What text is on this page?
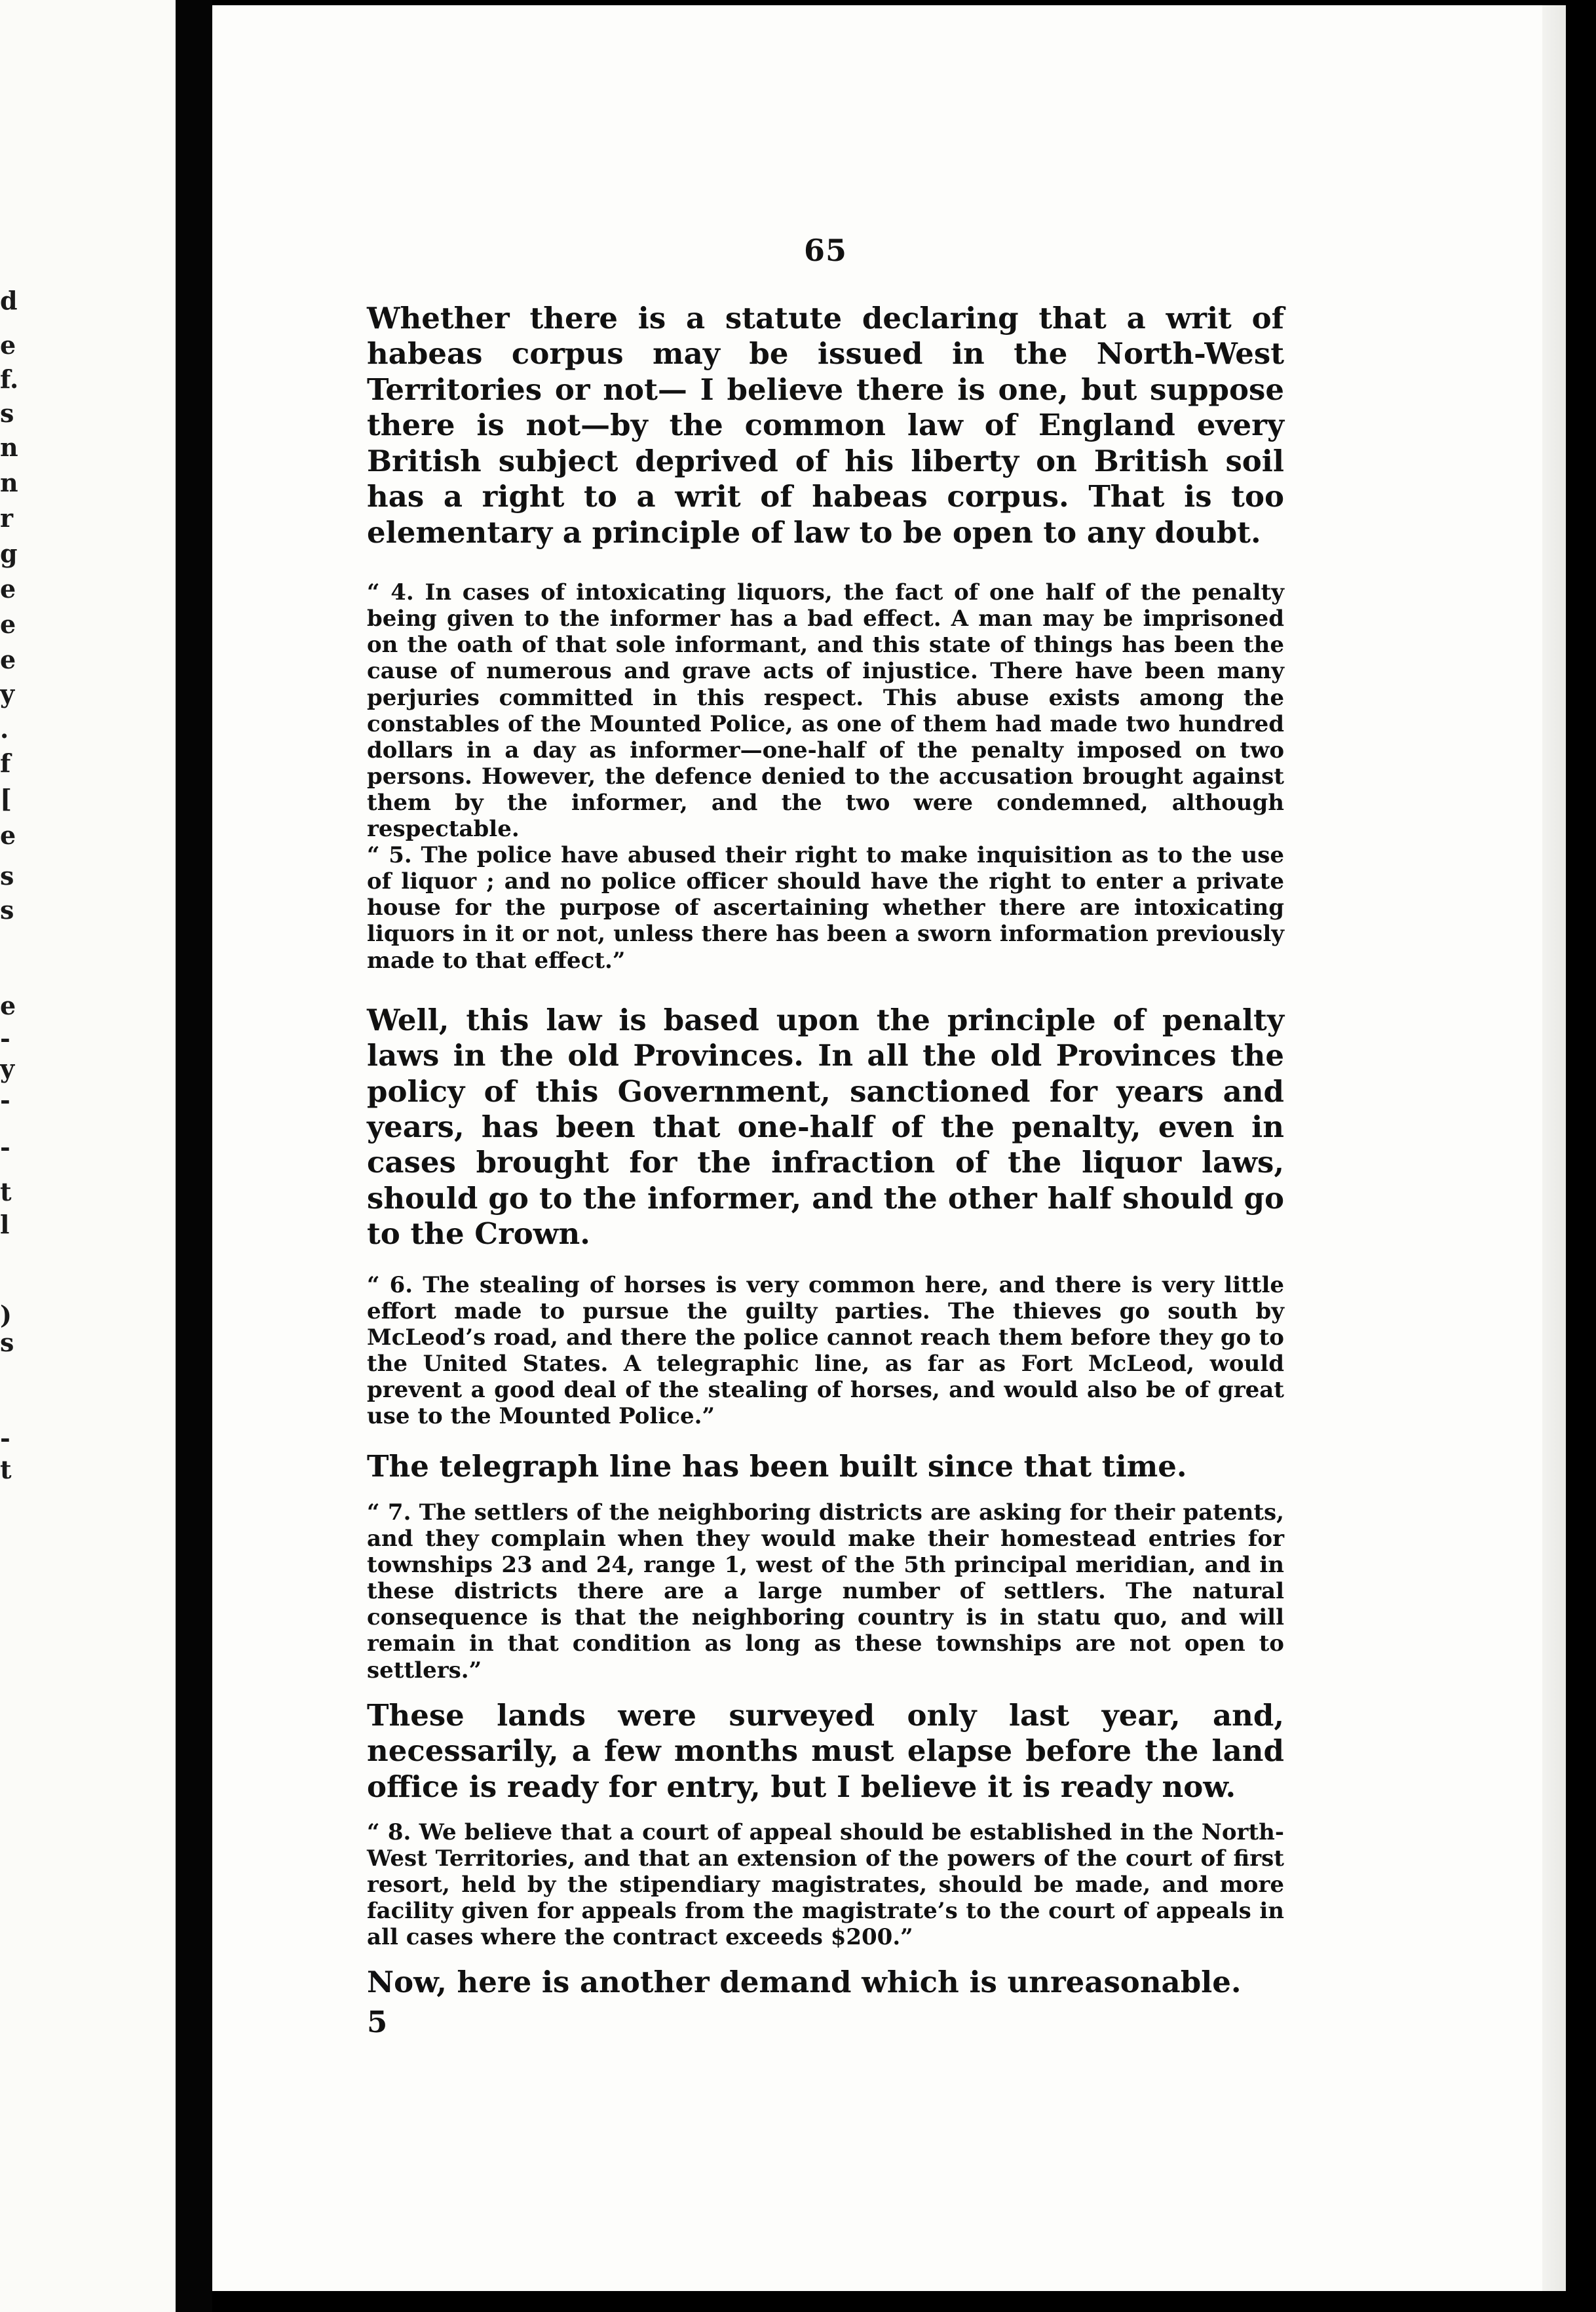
d
e
f.
s
n
n
r
g
e
e
e
y
.
f
[
e
s
s
e
-
y
-
-
t
l
)
s
-
t
65

Whether there is a statute declaring that a writ of habeas corpus may be issued in the North-West Territories or not— I believe there is one, but suppose there is not—by the common law of England every British subject deprived of his liberty on British soil has a right to a writ of habeas corpus. That is too elementary a principle of law to be open to any doubt.

“ 4. In cases of intoxicating liquors, the fact of one half of the penalty being given to the informer has a bad effect. A man may be imprisoned on the oath of that sole informant, and this state of things has been the cause of numerous and grave acts of injustice. There have been many perjuries committed in this respect. This abuse exists among the constables of the Mounted Police, as one of them had made two hundred dollars in a day as informer—one-half of the penalty imposed on two persons. However, the defence denied to the accusation brought against them by the informer, and the two were condemned, although respectable.

“ 5. The police have abused their right to make inquisition as to the use of liquor ; and no police officer should have the right to enter a private house for the purpose of ascertaining whether there are intoxicating liquors in it or not, unless there has been a sworn information previously made to that effect.”

Well, this law is based upon the principle of penalty laws in the old Provinces. In all the old Provinces the policy of this Government, sanctioned for years and years, has been that one-half of the penalty, even in cases brought for the infraction of the liquor laws, should go to the informer, and the other half should go to the Crown.

“ 6. The stealing of horses is very common here, and there is very little effort made to pursue the guilty parties. The thieves go south by McLeod’s road, and there the police cannot reach them before they go to the United States. A telegraphic line, as far as Fort McLeod, would prevent a good deal of the stealing of horses, and would also be of great use to the Mounted Police.”

The telegraph line has been built since that time.

“ 7. The settlers of the neighboring districts are asking for their patents, and they complain when they would make their homestead entries for townships 23 and 24, range 1, west of the 5th principal meridian, and in these districts there are a large number of settlers. The natural consequence is that the neighboring country is in statu quo, and will remain in that condition as long as these townships are not open to settlers.”

These lands were surveyed only last year, and, necessarily, a few months must elapse before the land office is ready for entry, but I believe it is ready now.

“ 8. We believe that a court of appeal should be established in the North-West Territories, and that an extension of the powers of the court of first resort, held by the stipendiary magistrates, should be made, and more facility given for appeals from the magistrate’s to the court of appeals in all cases where the contract exceeds $200.”

Now, here is another demand which is unreasonable.

5
